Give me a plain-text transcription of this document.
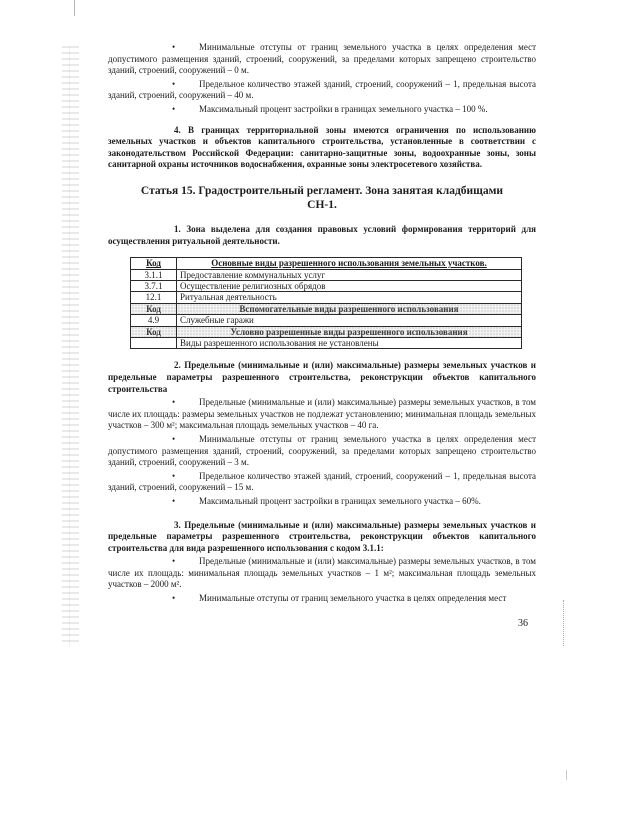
•Минимальные отступы от границ земельного участка в целях определения мест допустимого размещения зданий, строений, сооружений, за пределами которых запрещено строительство зданий, строений, сооружений – 0 м.

•Предельное количество этажей зданий, строений, сооружений – 1, предельная высота зданий, строений, сооружений – 40 м.

•Максимальный процент застройки в границах земельного участка – 100 %.

4. В границах территориальной зоны имеются ограничения по использованию земельных участков и объектов капитального строительства, установленные в соответствии с законодательством Российской Федерации: санитарно-защитные зоны, водоохранные зоны, зоны санитарной охраны источников водоснабжения, охранные зоны электросетевого хозяйства.

Статья 15. Градостроительный регламент. Зона занятая кладбищами
СН-1.

1. Зона выделена для создания правовых условий формирования территорий для осуществления ритуальной деятельности.

Код	Основные виды разрешенного использования земельных участков.
3.1.1	Предоставление коммунальных услуг
3.7.1	Осуществление религиозных обрядов
12.1	Ритуальная деятельность
Код	Вспомогательные виды разрешенного использования
4.9	Служебные гаражи
Код	Условно разрешенные виды разрешенного использования
	Виды разрешенного использования не установлены

2. Предельные (минимальные и (или) максимальные) размеры земельных участков и предельные параметры разрешенного строительства, реконструкции объектов капитального строительства

•Предельные (минимальные и (или) максимальные) размеры земельных участков, в том числе их площадь: размеры земельных участков не подлежат установлению; минимальная площадь земельных участков – 300 м²; максимальная площадь земельных участков – 40 га.

•Минимальные отступы от границ земельного участка в целях определения мест допустимого размещения зданий, строений, сооружений, за пределами которых запрещено строительство зданий, строений, сооружений – 3 м.

•Предельное количество этажей зданий, строений, сооружений – 1, предельная высота зданий, строений, сооружений – 15 м.

•Максимальный процент застройки в границах земельного участка – 60%.

3. Предельные (минимальные и (или) максимальные) размеры земельных участков и предельные параметры разрешенного строительства, реконструкции объектов капитального строительства для вида разрешенного использования с кодом 3.1.1:

•Предельные (минимальные и (или) максимальные) размеры земельных участков, в том числе их площадь: минимальная площадь земельных участков – 1 м²; максимальная площадь земельных участков – 2000 м².

•Минимальные отступы от границ земельного участка в целях определения мест

36
